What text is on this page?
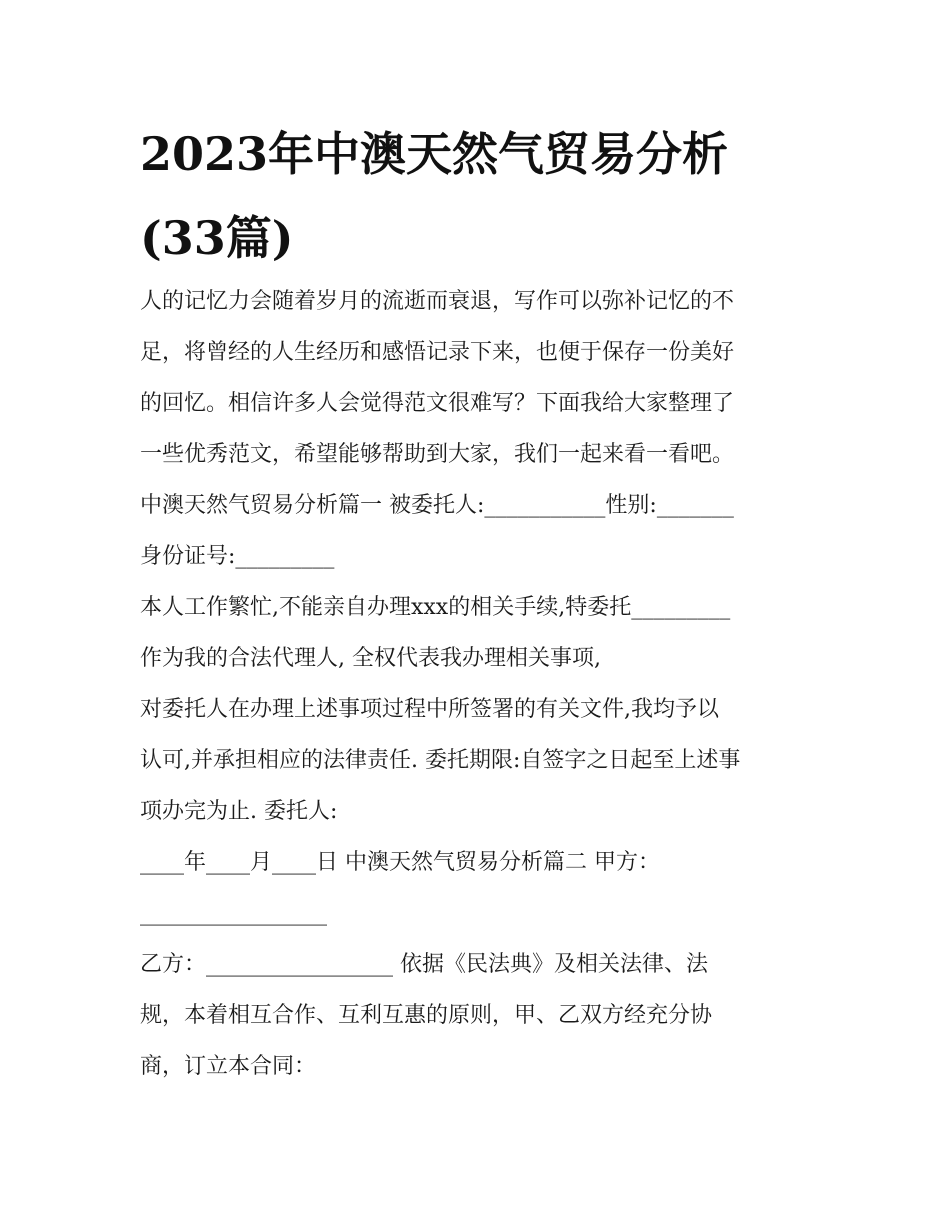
2023年中澳天然气贸易分析
(33篇)
人的记忆力会随着岁月的流逝而衰退，写作可以弥补记忆的不
足，将曾经的人生经历和感悟记录下来，也便于保存一份美好
的回忆。相信许多人会觉得范文很难写？下面我给大家整理了
一些优秀范文，希望能够帮助到大家，我们一起来看一看吧。
中澳天然气贸易分析篇一 被委托人:___________性别:_______
身份证号:_________
本人工作繁忙,不能亲自办理xxx的相关手续,特委托_________
作为我的合法代理人, 全权代表我办理相关事项,
对委托人在办理上述事项过程中所签署的有关文件,我均予以
认可,并承担相应的法律责任. 委托期限:自签字之日起至上述事
项办完为止. 委托人:
____年____月____日 中澳天然气贸易分析篇二 甲方：
_________________
乙方：_________________ 依据《民法典》及相关法律、法
规，本着相互合作、互利互惠的原则，甲、乙双方经充分协
商，订立本合同：
